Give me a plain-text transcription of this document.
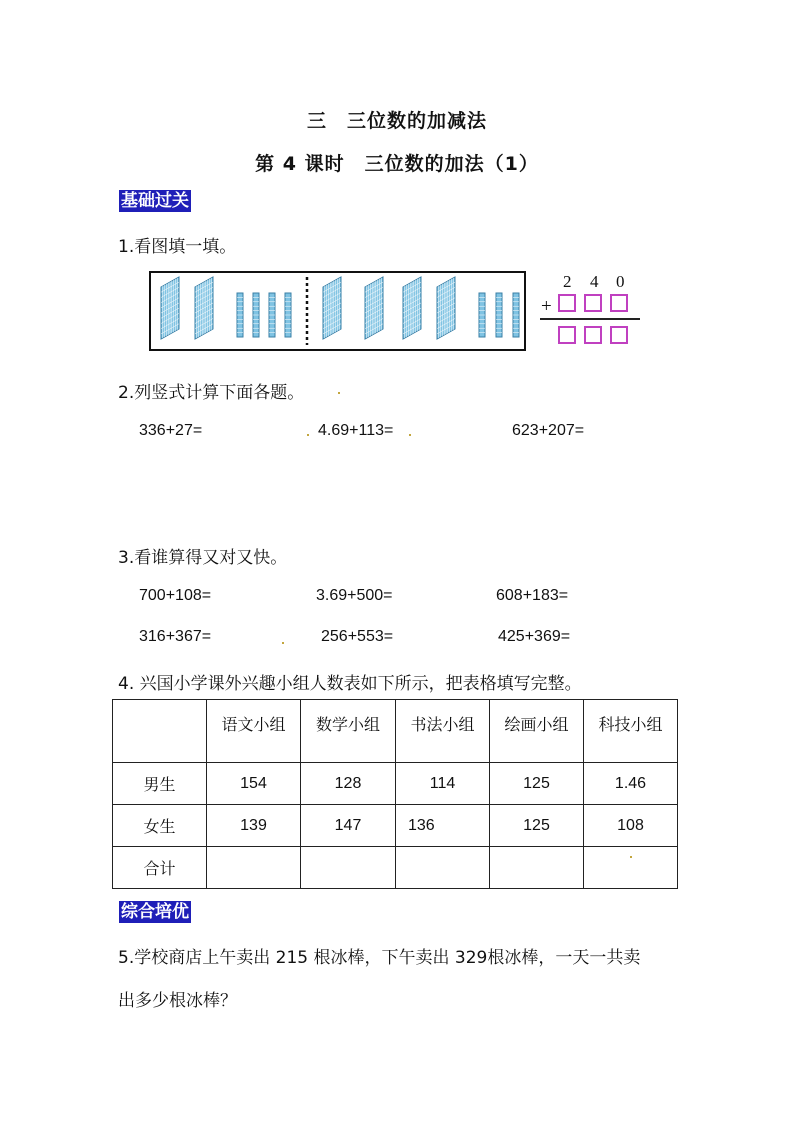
三　三位数的加减法
第 4 课时　三位数的加法（1）
基础过关
1.看图填一填。
2 4 0
+
2.列竖式计算下面各题。
336+27=	4.69+113=	623+207=
3.看谁算得又对又快。
700+108=	3.69+500=	608+183=
316+367=	256+553=	425+369=
4. 兴国小学课外兴趣小组人数表如下所示，把表格填写完整。
	语文小组	数学小组	书法小组	绘画小组	科技小组
男生	154	128	114	125	1.46
女生	139	147	136	125	108
合计					
综合培优
5.学校商店上午卖出 215 根冰棒，下午卖出 329根冰棒，一天一共卖
出多少根冰棒？
